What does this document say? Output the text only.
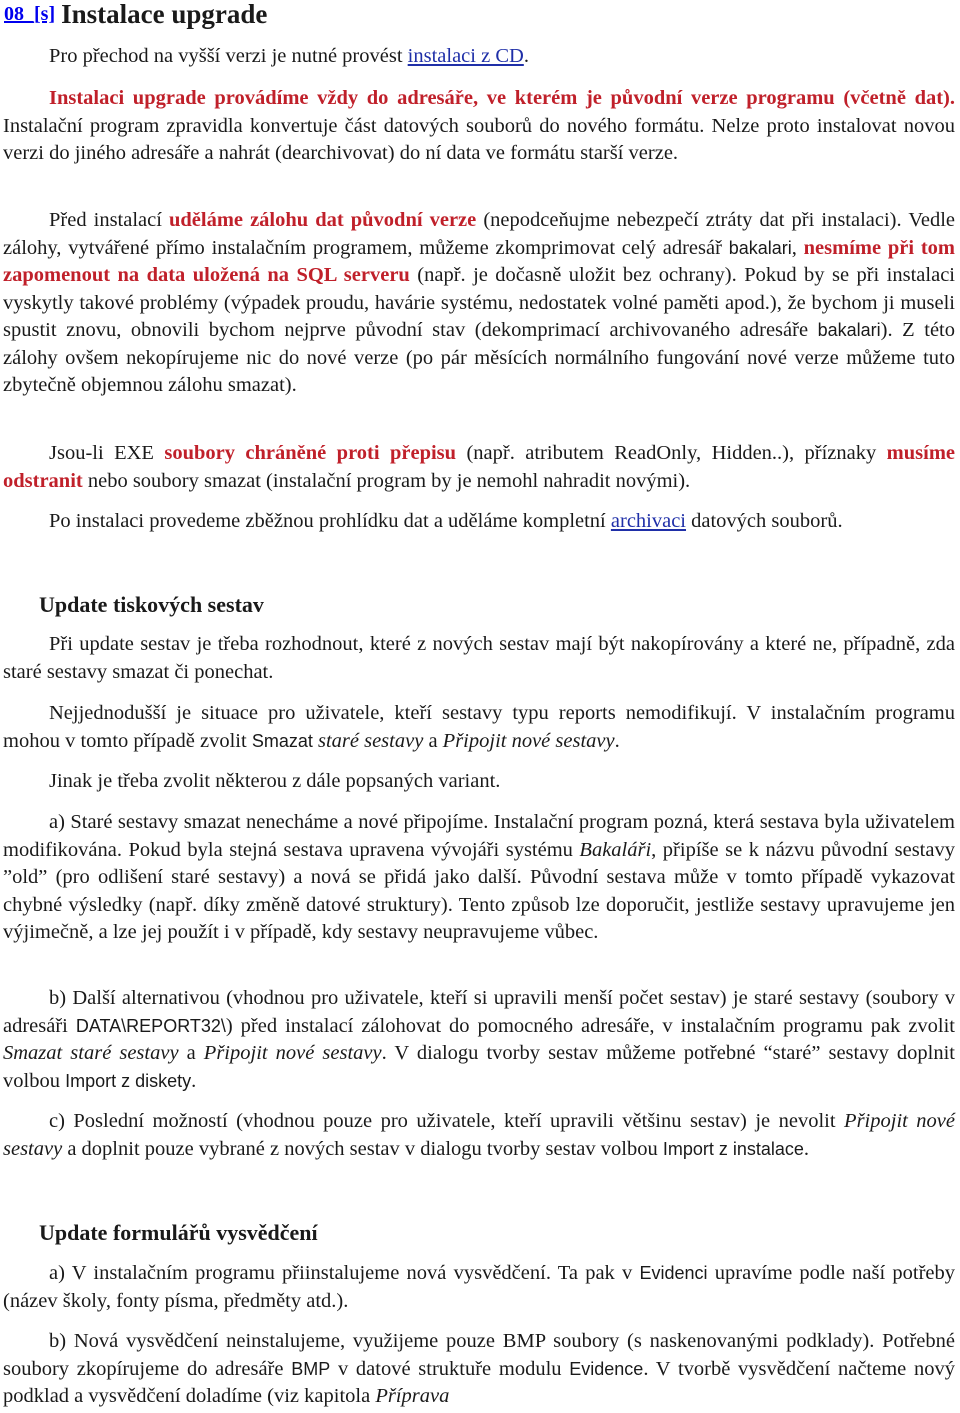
08_[s] Instalace upgrade

Pro přechod na vyšší verzi je nutné provést instalaci z CD.

Instalaci upgrade provádíme vždy do adresáře, ve kterém je původní verze programu (včetně dat). Instalační program zpravidla konvertuje část datových souborů do nového formátu. Nelze proto instalovat novou verzi do jiného adresáře a nahrát (dearchivovat) do ní data ve formátu starší verze.

Před instalací uděláme zálohu dat původní verze (nepodceňujme nebezpečí ztráty dat při instalaci). Vedle zálohy, vytvářené přímo instalačním programem, můžeme zkomprimovat celý adresář bakalari, nesmíme při tom zapomenout na data uložená na SQL serveru (např. je dočasně uložit bez ochrany). Pokud by se při instalaci vyskytly takové problémy (výpadek proudu, havárie systému, nedostatek volné paměti apod.), že bychom ji museli spustit znovu, obnovili bychom nejprve původní stav (dekomprimací archivovaného adresáře bakalari). Z této zálohy ovšem nekopírujeme nic do nové verze (po pár měsících normálního fungování nové verze můžeme tuto zbytečně objemnou zálohu smazat).

Jsou-li EXE soubory chráněné proti přepisu (např. atributem ReadOnly, Hidden..), příznaky musíme odstranit nebo soubory smazat (instalační program by je nemohl nahradit novými).

Po instalaci provedeme zběžnou prohlídku dat a uděláme kompletní archivaci datových souborů.

Update tiskových sestav

Při update sestav je třeba rozhodnout, které z nových sestav mají být nakopírovány a které ne, případně, zda staré sestavy smazat či ponechat.

Nejjednodušší je situace pro uživatele, kteří sestavy typu reports nemodifikují. V instalačním programu mohou v tomto případě zvolit Smazat staré sestavy a Připojit nové sestavy.

Jinak je třeba zvolit některou z dále popsaných variant.

a) Staré sestavy smazat nenecháme a nové připojíme. Instalační program pozná, která sestava byla uživatelem modifikována. Pokud byla stejná sestava upravena vývojáři systému Bakaláři, připíše se k názvu původní sestavy ”old” (pro odlišení staré sestavy) a nová se přidá jako další. Původní sestava může v tomto případě vykazovat chybné výsledky (např. díky změně datové struktury). Tento způsob lze doporučit, jestliže sestavy upravujeme jen výjimečně, a lze jej použít i v případě, kdy sestavy neupravujeme vůbec.

b) Další alternativou (vhodnou pro uživatele, kteří si upravili menší počet sestav) je staré sestavy (soubory v adresáři DATA\REPORT32\) před instalací zálohovat do pomocného adresáře, v instalačním programu pak zvolit Smazat staré sestavy a Připojit nové sestavy. V dialogu tvorby sestav můžeme potřebné “staré” sestavy doplnit volbou Import z diskety.

c) Poslední možností (vhodnou pouze pro uživatele, kteří upravili většinu sestav) je nevolit Připojit nové sestavy a doplnit pouze vybrané z nových sestav v dialogu tvorby sestav volbou Import z instalace.

Update formulářů vysvědčení

a) V instalačním programu přiinstalujeme nová vysvědčení. Ta pak v Evidenci upravíme podle naší potřeby (název školy, fonty písma, předměty atd.).

b) Nová vysvědčení neinstalujeme, využijeme pouze BMP soubory (s naskenovanými podklady). Potřebné soubory zkopírujeme do adresáře BMP v datové struktuře modulu Evidence. V tvorbě vysvědčení načteme nový podklad a vysvědčení doladíme (viz kapitola Příprava
